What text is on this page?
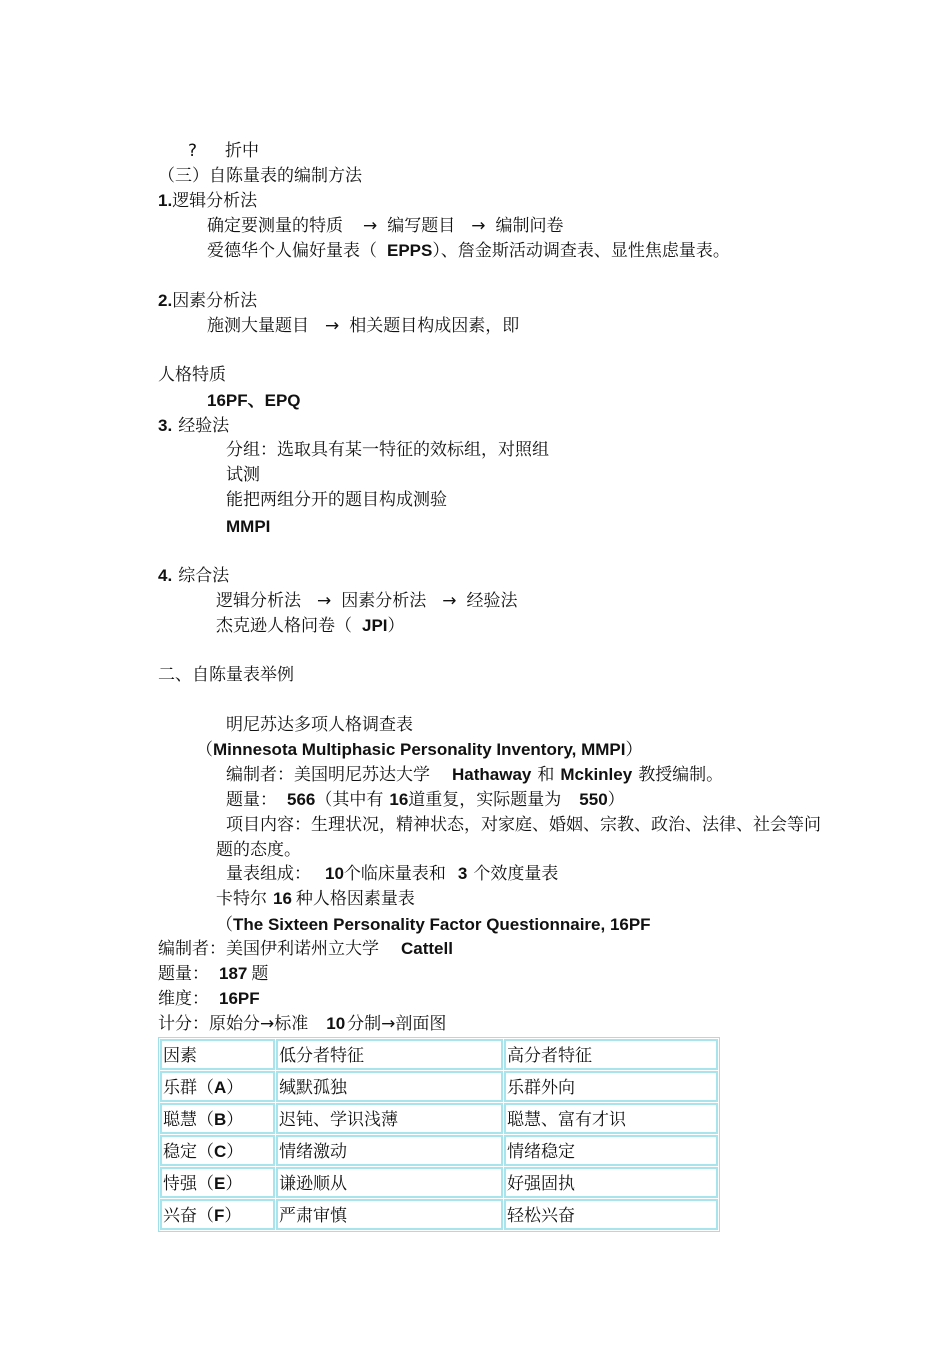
? 折中
（三）自陈量表的编制方法
1.逻辑分析法
确定要测量的特质 → 编写题目 → 编制问卷
爱德华个人偏好量表（ EPPS）、詹金斯活动调查表、显性焦虑量表。
2.因素分析法
施测大量题目 → 相关题目构成因素，即
人格特质
16PF、EPQ
3. 经验法
分组：选取具有某一特征的效标组，对照组
试测
能把两组分开的题目构成测验
MMPI
4. 综合法
逻辑分析法 → 因素分析法 → 经验法
杰克逊人格问卷（ JPI）
二、自陈量表举例
明尼苏达多项人格调查表
（Minnesota Multiphasic Personality Inventory, MMPI）
编制者：美国明尼苏达大学 Hathaway 和 Mckinley 教授编制。
题量： 566（其中有 16道重复，实际题量为 550）
项目内容：生理状况，精神状态，对家庭、婚姻、宗教、政治、法律、社会等问
题的态度。
量表组成： 10个临床量表和 3 个效度量表
卡特尔 16 种人格因素量表
（The Sixteen Personality Factor Questionnaire, 16PF
编制者：美国伊利诺州立大学 Cattell
题量： 187 题
维度： 16PF
计分：原始分→标准 10 分制→剖面图
因素	低分者特征	高分者特征
乐群（A）	缄默孤独	乐群外向
聪慧（B）	迟钝、学识浅薄	聪慧、富有才识
稳定（C）	情绪激动	情绪稳定
恃强（E）	谦逊顺从	好强固执
兴奋（F）	严肃审慎	轻松兴奋
